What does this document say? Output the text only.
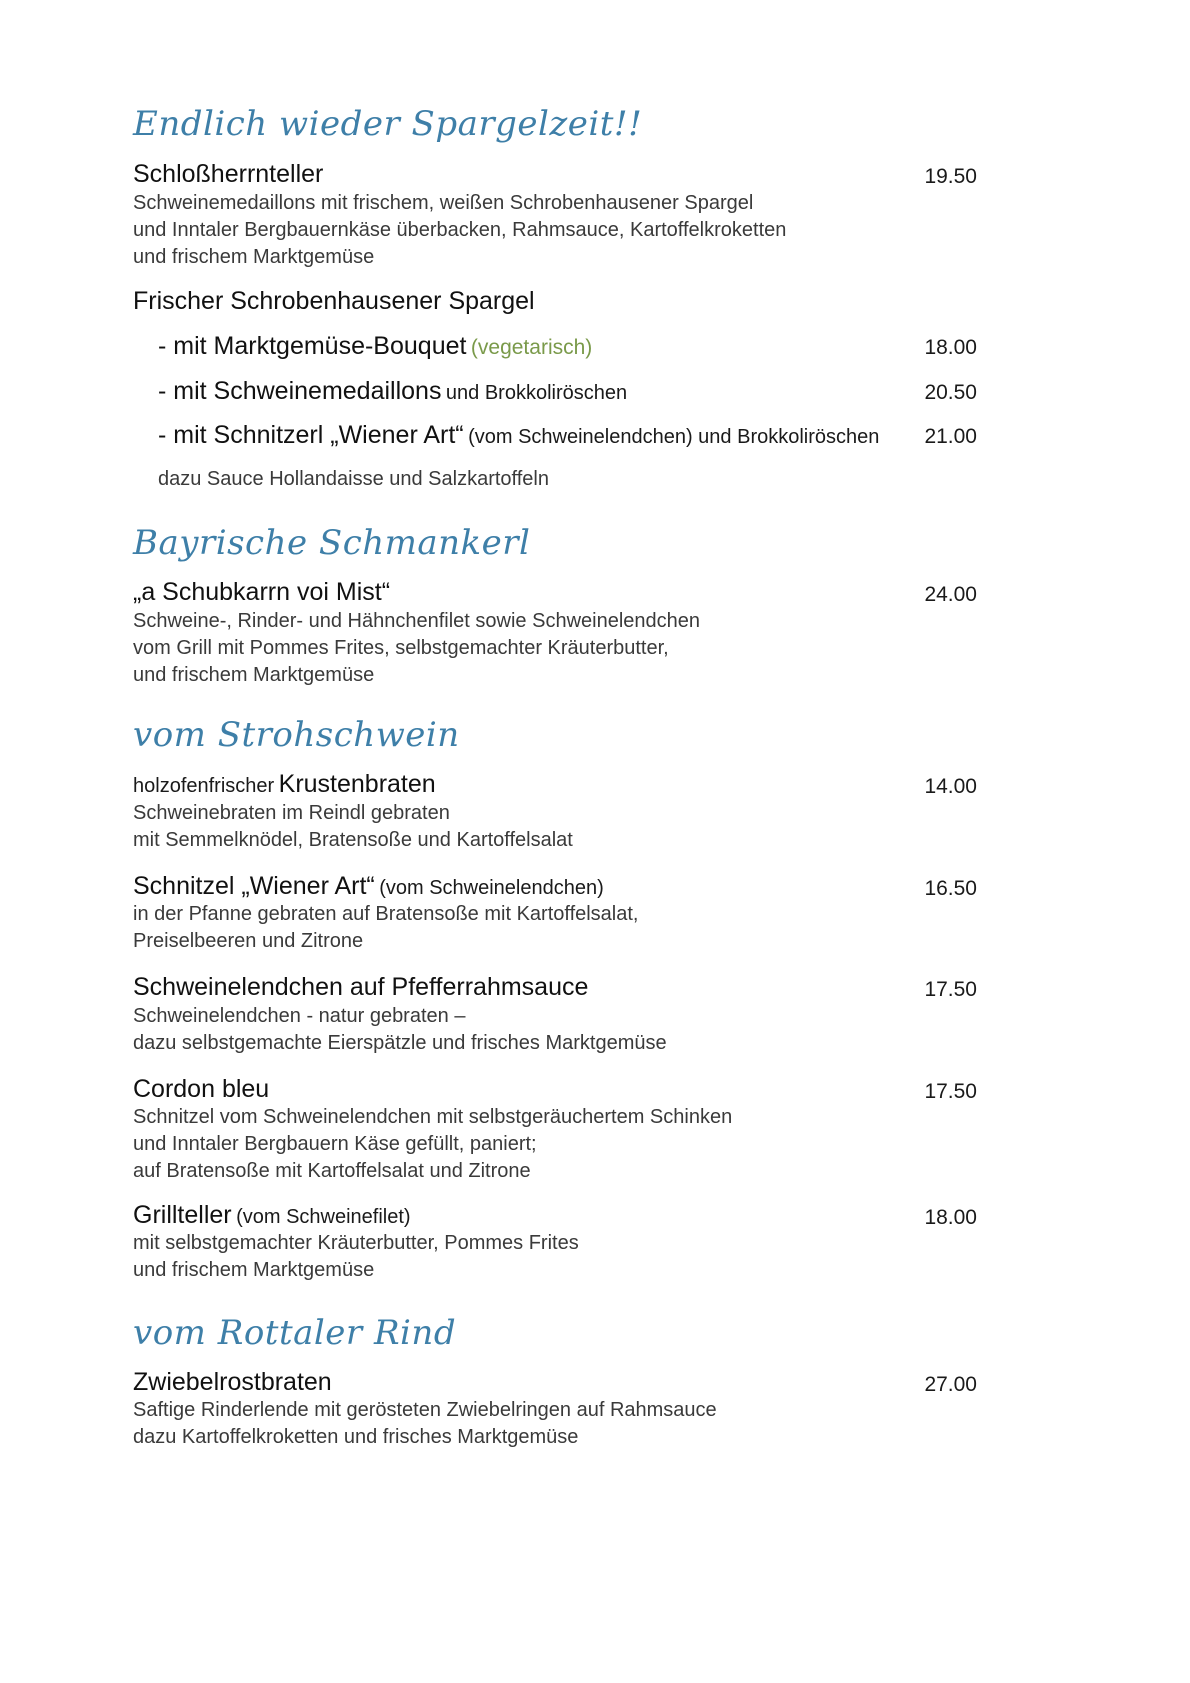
Endlich wieder Spargelzeit!!
Schloßherrnteller	19.50
Schweinemedaillons mit frischem, weißen Schrobenhausener Spargel
und Inntaler Bergbauernkäse überbacken, Rahmsauce, Kartoffelkroketten
und frischem Marktgemüse
Frischer Schrobenhausener Spargel
- mit Marktgemüse-Bouquet (vegetarisch)	18.00
- mit Schweinemedaillons und Brokkoliröschen	20.50
- mit Schnitzerl „Wiener Art“ (vom Schweinelendchen) und Brokkoliröschen	21.00
dazu Sauce Hollandaisse und Salzkartoffeln
Bayrische Schmankerl
„a Schubkarrn voi Mist“	24.00
Schweine-, Rinder- und Hähnchenfilet sowie Schweinelendchen
vom Grill mit Pommes Frites, selbstgemachter Kräuterbutter,
und frischem Marktgemüse
vom Strohschwein
holzofenfrischer Krustenbraten	14.00
Schweinebraten im Reindl gebraten
mit Semmelknödel, Bratensoße und Kartoffelsalat
Schnitzel „Wiener Art“ (vom Schweinelendchen)	16.50
in der Pfanne gebraten auf Bratensoße mit Kartoffelsalat,
Preiselbeeren und Zitrone
Schweinelendchen auf Pfefferrahmsauce	17.50
Schweinelendchen - natur gebraten –
dazu selbstgemachte Eierspätzle und frisches Marktgemüse
Cordon bleu	17.50
Schnitzel vom Schweinelendchen mit selbstgeräuchertem Schinken
und Inntaler Bergbauern Käse gefüllt, paniert;
auf Bratensoße mit Kartoffelsalat und Zitrone
Grillteller (vom Schweinefilet)	18.00
mit selbstgemachter Kräuterbutter, Pommes Frites
und frischem Marktgemüse
vom Rottaler Rind
Zwiebelrostbraten	27.00
Saftige Rinderlende mit gerösteten Zwiebelringen auf Rahmsauce
dazu Kartoffelkroketten und frisches Marktgemüse
